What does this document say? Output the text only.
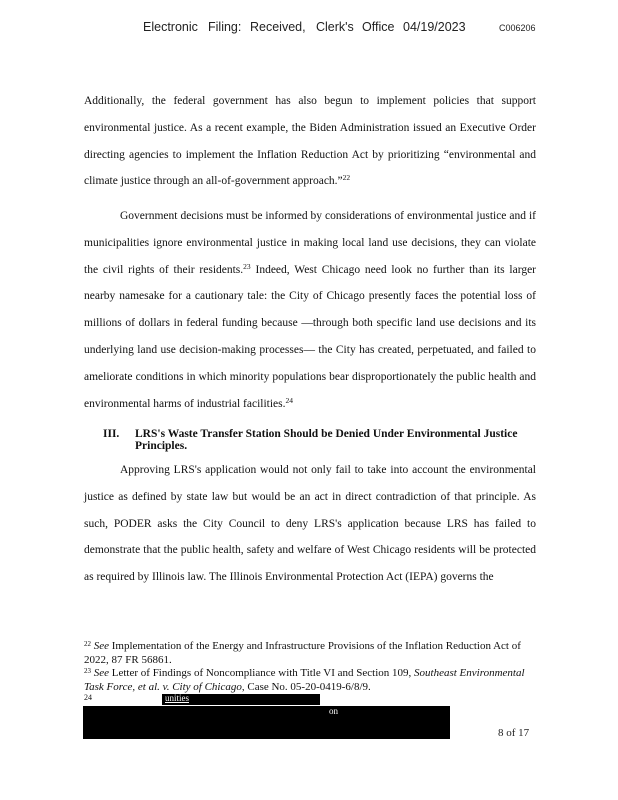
Electronic Filing: Received, Clerk's Office 04/19/2023	C006206

Additionally, the federal government has also begun to implement policies that support environmental justice. As a recent example, the Biden Administration issued an Executive Order directing agencies to implement the Inflation Reduction Act by prioritizing “environmental and climate justice through an all-of-government approach.”$^{22}$

Government decisions must be informed by considerations of environmental justice and if municipalities ignore environmental justice in making local land use decisions, they can violate the civil rights of their residents.$^{23}$ Indeed, West Chicago need look no further than its larger nearby namesake for a cautionary tale: the City of Chicago presently faces the potential loss of millions of dollars in federal funding because —through both specific land use decisions and its underlying land use decision-making processes— the City has created, perpetuated, and failed to ameliorate conditions in which minority populations bear disproportionately the public health and environmental harms of industrial facilities.$^{24}$

III. LRS's Waste Transfer Station Should be Denied Under Environmental Justice Principles.

Approving LRS's application would not only fail to take into account the environmental justice as defined by state law but would be an act in direct contradiction of that principle. As such, PODER asks the City Council to deny LRS's application because LRS has failed to demonstrate that the public health, safety and welfare of West Chicago residents will be protected as required by Illinois law. The Illinois Environmental Protection Act (IEPA) governs the

$^{22}$ See Implementation of the Energy and Infrastructure Provisions of the Inflation Reduction Act of 2022, 87 FR 56861.

$^{23}$ See Letter of Findings of Noncompliance with Title VI and Section 109, Southeast Environmental Task Force, et al. v. City of Chicago, Case No. 05-20-0419-6/8/9.

24	unities
on
8 of 17
